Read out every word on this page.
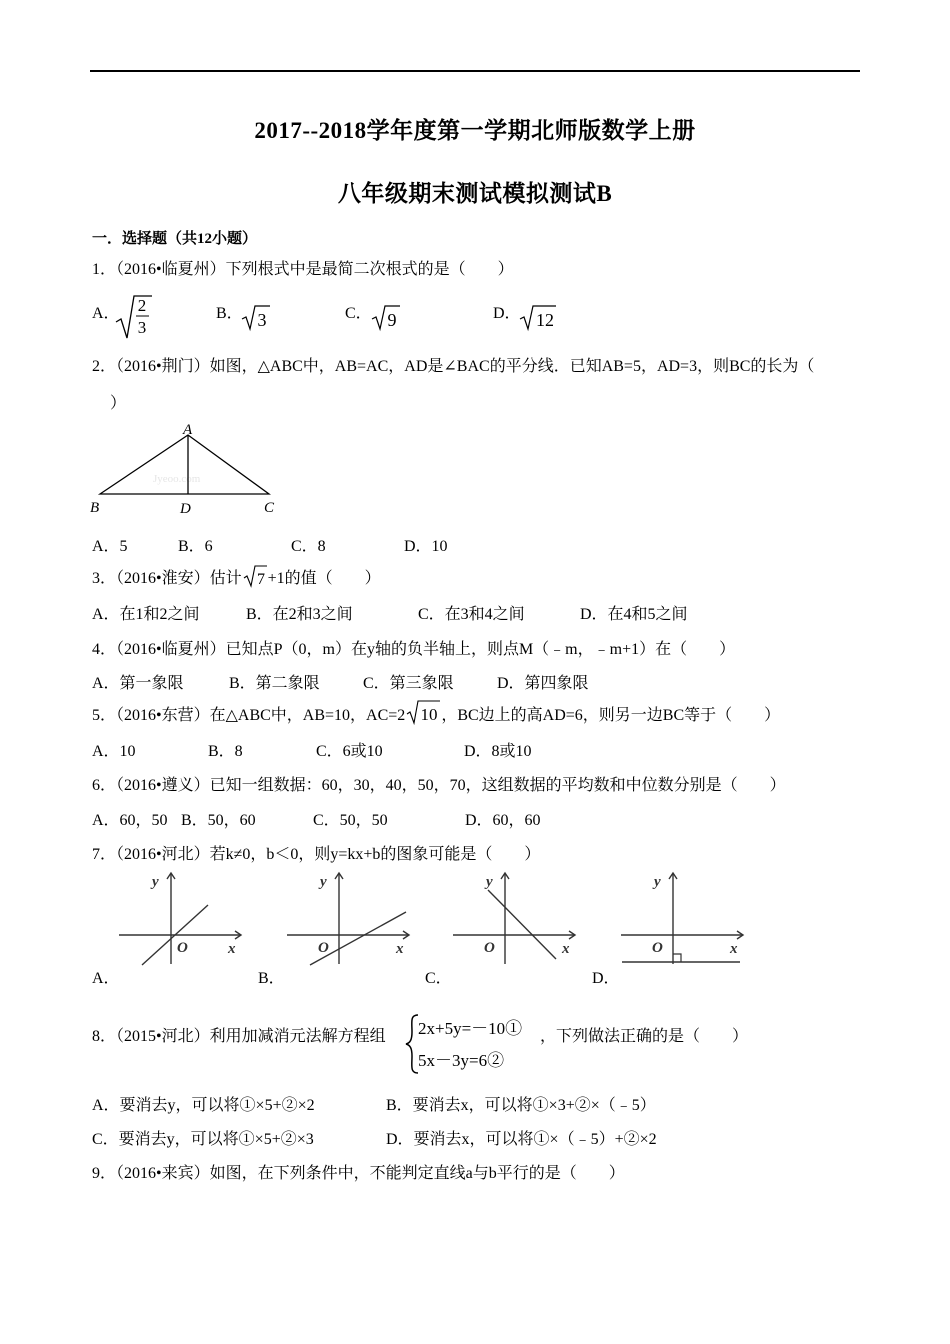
2017--2018学年度第一学期北师版数学上册
八年级期末测试模拟测试B
一．选择题（共12小题）
1．（2016•临夏州）下列根式中是最简二次根式的是（　　）
A． 2
3
B． 3	C． 9	D． 12
2．（2016•荆门）如图，△ABC中，AB=AC，AD是∠BAC的平分线．已知AB=5，AD=3，则BC的长为（
）
Jyeoo.com
A
B	D	C
A．5	B．6	C．8	D．10
3．（2016•淮安）估计 7 +1的值（　　）
A．在1和2之间	B．在2和3之间	C．在3和4之间	D．在4和5之间
4．（2016•临夏州）已知点P（0，m）在y轴的负半轴上，则点M（﹣m，﹣m+1）在（　　）
A．第一象限	B．第二象限	C．第三象限	D．第四象限
5．（2016•东营）在△ABC中，AB=10，AC=2 10 ，BC边上的高AD=6，则另一边BC等于（　　）
A．10	B．8	C．6或10	D．8或10
6．（2016•遵义）已知一组数据：60，30，40，50，70，这组数据的平均数和中位数分别是（　　）
A．60，50 B．50，60	C．50，50	D．60，60
7．（2016•河北）若k≠0，b＜0，则y=kx+b的图象可能是（　　）
y
O	x
y
O	x
y
O	x
y
O	x
A．	B．	C．	D．
8．（2015•河北）利用加减消元法解方程组 2x+5y=－10①
5x－3y=6②
，下列做法正确的是（　　）
A．要消去y，可以将①×5+②×2	B．要消去x，可以将①×3+②×（﹣5）
C．要消去y，可以将①×5+②×3	D．要消去x，可以将①×（﹣5）+②×2
9．（2016•来宾）如图，在下列条件中，不能判定直线a与b平行的是（　　）
